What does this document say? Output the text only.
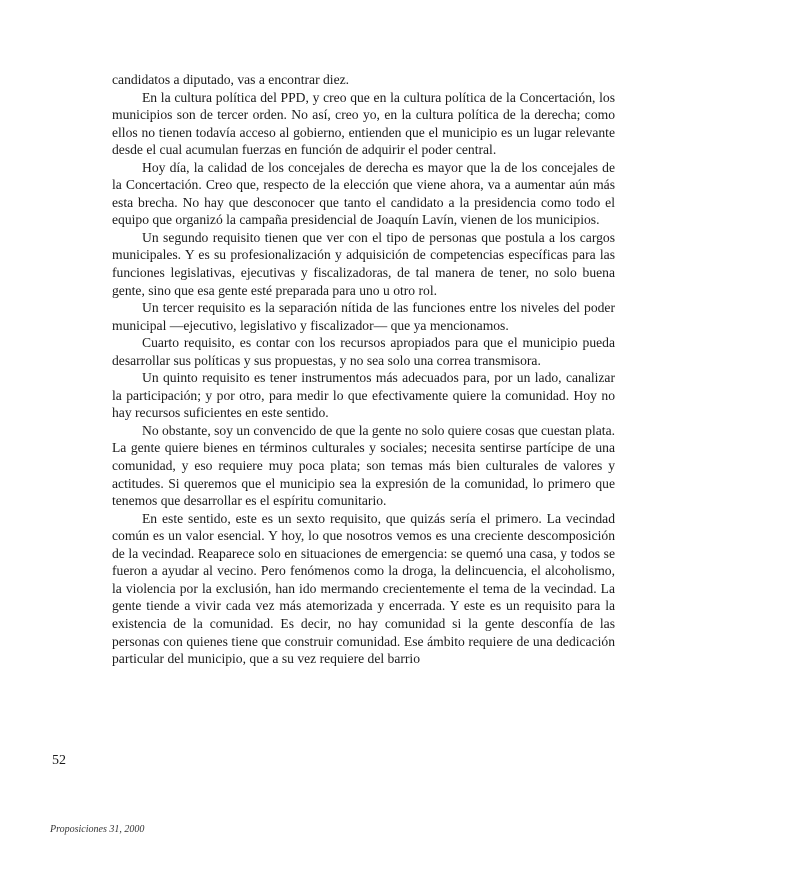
candidatos a diputado, vas a encontrar diez.

En la cultura política del PPD, y creo que en la cultura política de la Concertación, los municipios son de tercer orden. No así, creo yo, en la cultura política de la derecha; como ellos no tienen todavía acceso al gobierno, entienden que el municipio es un lugar relevante desde el cual acumulan fuerzas en función de adquirir el poder central.

Hoy día, la calidad de los concejales de derecha es mayor que la de los concejales de la Concertación. Creo que, respecto de la elección que viene ahora, va a aumentar aún más esta brecha. No hay que desconocer que tanto el candidato a la presidencia como todo el equipo que organizó la campaña presidencial de Joaquín Lavín, vienen de los municipios.

Un segundo requisito tienen que ver con el tipo de personas que postula a los cargos municipales. Y es su profesionalización y adquisición de competencias específicas para las funciones legislativas, ejecutivas y fiscalizadoras, de tal manera de tener, no solo buena gente, sino que esa gente esté preparada para uno u otro rol.

Un tercer requisito es la separación nítida de las funciones entre los niveles del poder municipal —ejecutivo, legislativo y fiscalizador— que ya mencionamos.

Cuarto requisito, es contar con los recursos apropiados para que el municipio pueda desarrollar sus políticas y sus propuestas, y no sea solo una correa transmisora.

Un quinto requisito es tener instrumentos más adecuados para, por un lado, canalizar la participación; y por otro, para medir lo que efectivamente quiere la comunidad. Hoy no hay recursos suficientes en este sentido.

No obstante, soy un convencido de que la gente no solo quiere cosas que cuestan plata. La gente quiere bienes en términos culturales y sociales; necesita sentirse partícipe de una comunidad, y eso requiere muy poca plata; son temas más bien culturales de valores y actitudes. Si queremos que el municipio sea la expresión de la comunidad, lo primero que tenemos que desarrollar es el espíritu comunitario.

En este sentido, este es un sexto requisito, que quizás sería el primero. La vecindad común es un valor esencial. Y hoy, lo que nosotros vemos es una creciente descomposición de la vecindad. Reaparece solo en situaciones de emergencia: se quemó una casa, y todos se fueron a ayudar al vecino. Pero fenómenos como la droga, la delincuencia, el alcoholismo, la violencia por la exclusión, han ido mermando crecientemente el tema de la vecindad. La gente tiende a vivir cada vez más atemorizada y encerrada. Y este es un requisito para la existencia de la comunidad. Es decir, no hay comunidad si la gente desconfía de las personas con quienes tiene que construir comunidad. Ese ámbito requiere de una dedicación particular del municipio, que a su vez requiere del barrio

52
Proposiciones 31, 2000
